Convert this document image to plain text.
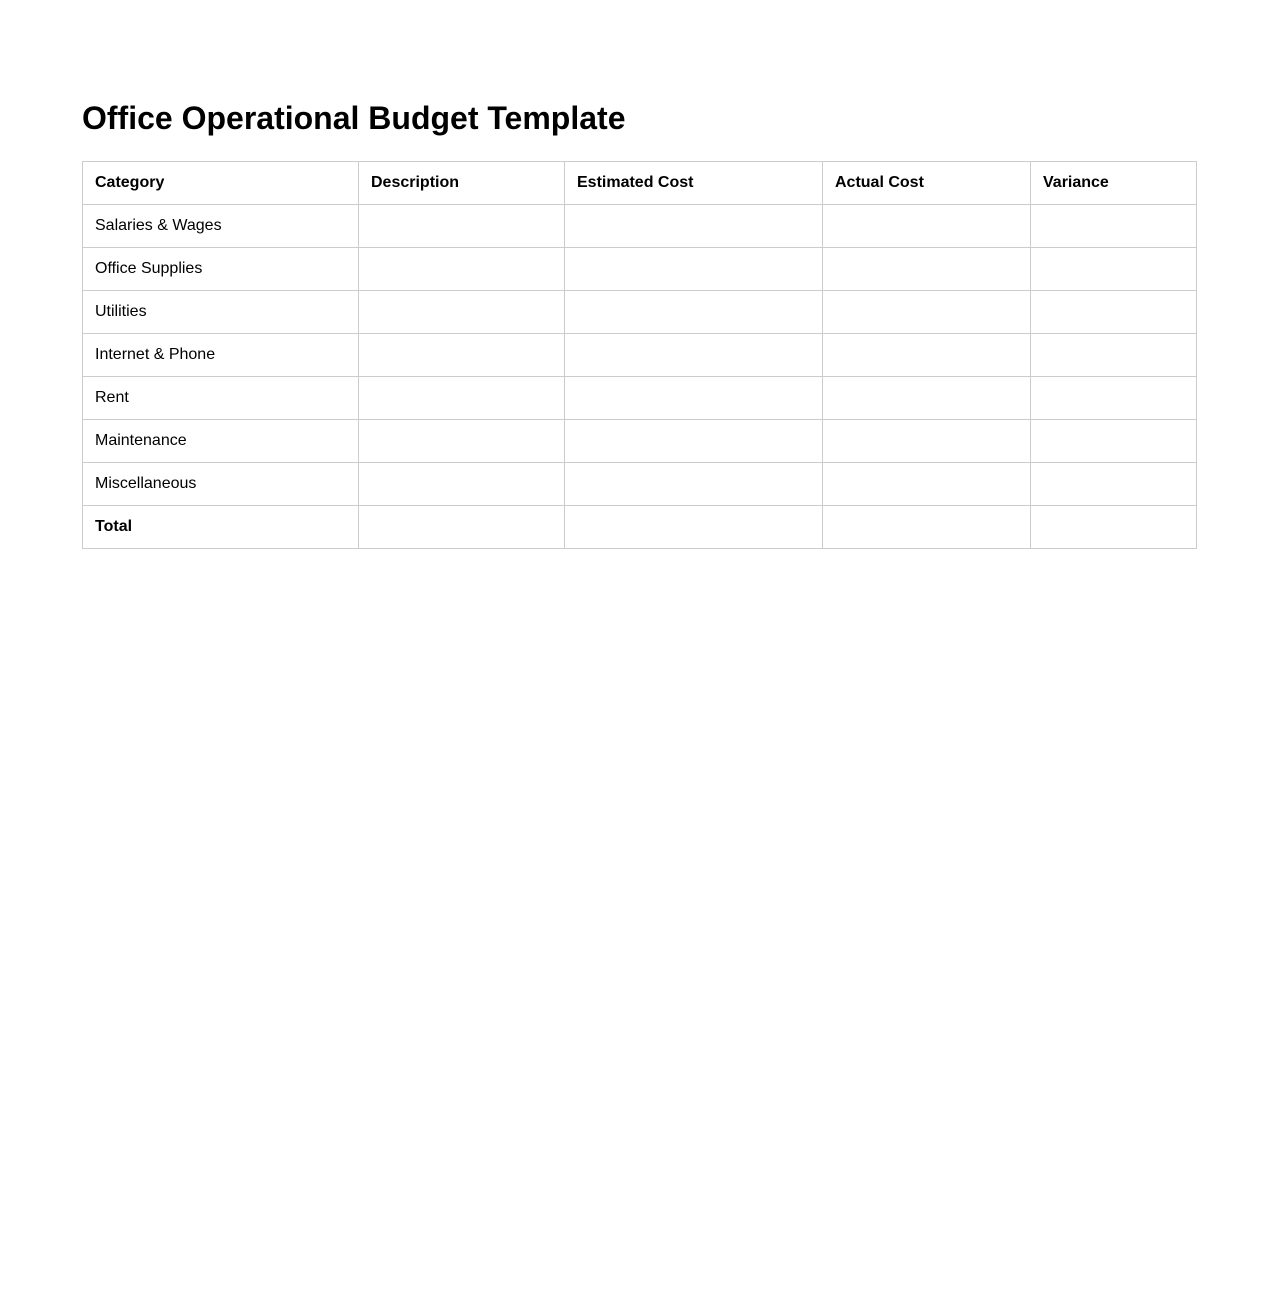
Office Operational Budget Template
Category	Description	Estimated Cost	Actual Cost	Variance
Salaries & Wages				
Office Supplies				
Utilities				
Internet & Phone				
Rent				
Maintenance				
Miscellaneous				
Total				
